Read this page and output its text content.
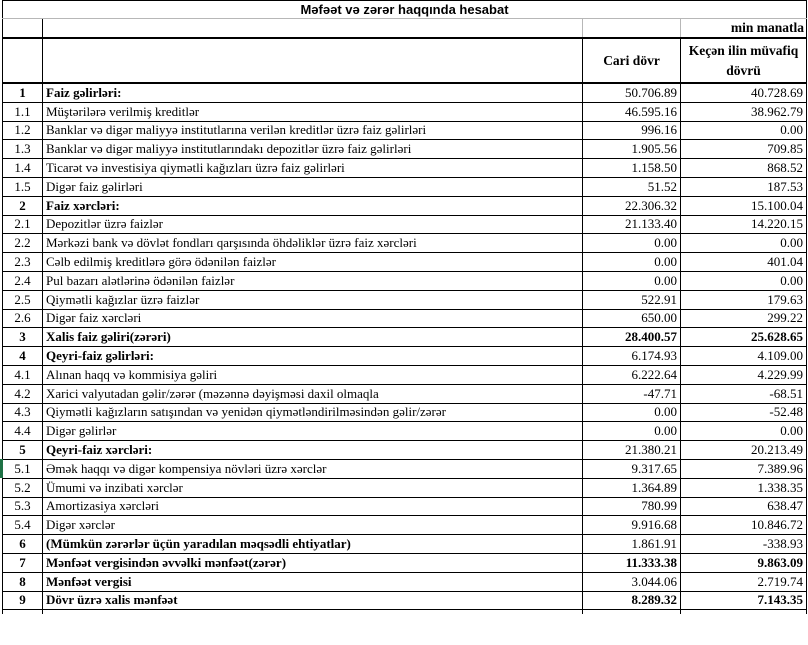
Məfəət və zərər haqqında hesabat			
			min manatla
		Cari dövr	Keçən ilin müvafiq dövrü
1	Faiz gəlirləri:	50.706.89	40.728.69
1.1	Müştərilərə verilmiş kreditlər	46.595.16	38.962.79
1.2	Banklar və digər maliyyə institutlarına verilən kreditlər üzrə faiz gəlirləri	996.16	0.00
1.3	Banklar və digər maliyyə institutlarındakı depozitlər üzrə faiz gəlirləri	1.905.56	709.85
1.4	Ticarət və investisiya qiymətli kağızları üzrə faiz gəlirləri	1.158.50	868.52
1.5	Digər faiz gəlirləri	51.52	187.53
2	Faiz xərcləri:	22.306.32	15.100.04
2.1	Depozitlər üzrə faizlər	21.133.40	14.220.15
2.2	Mərkəzi bank və dövlət fondları qarşısında öhdəliklər üzrə faiz xərcləri	0.00	0.00
2.3	Cəlb edilmiş kreditlərə görə ödənilən faizlər	0.00	401.04
2.4	Pul bazarı alətlərinə ödənilən faizlər	0.00	0.00
2.5	Qiymətli kağızlar üzrə faizlər	522.91	179.63
2.6	Digər faiz xərcləri	650.00	299.22
3	Xalis faiz gəliri(zərəri)	28.400.57	25.628.65
4	Qeyri-faiz gəlirləri:	6.174.93	4.109.00
4.1	Alınan haqq və kommisiya gəliri	6.222.64	4.229.99
4.2	Xarici valyutadan gəlir/zərər (məzənnə dəyişməsi daxil olmaqla	-47.71	-68.51
4.3	Qiymətli kağızların satışından və yenidən qiymətləndirilməsindən gəlir/zərər	0.00	-52.48
4.4	Digər gəlirlər	0.00	0.00
5	Qeyri-faiz xərcləri:	21.380.21	20.213.49
5.1	Əmək haqqı və digər kompensiya növləri üzrə xərclər	9.317.65	7.389.96
5.2	Ümumi və inzibati xərclər	1.364.89	1.338.35
5.3	Amortizasiya xərcləri	780.99	638.47
5.4	Digər xərclər	9.916.68	10.846.72
6	(Mümkün zərərlər üçün yaradılan məqsədli ehtiyatlar)	1.861.91	-338.93
7	Mənfəət vergisindən əvvəlki mənfəət(zərər)	11.333.38	9.863.09
8	Mənfəət vergisi	3.044.06	2.719.74
9	Dövr üzrə xalis mənfəət	8.289.32	7.143.35
